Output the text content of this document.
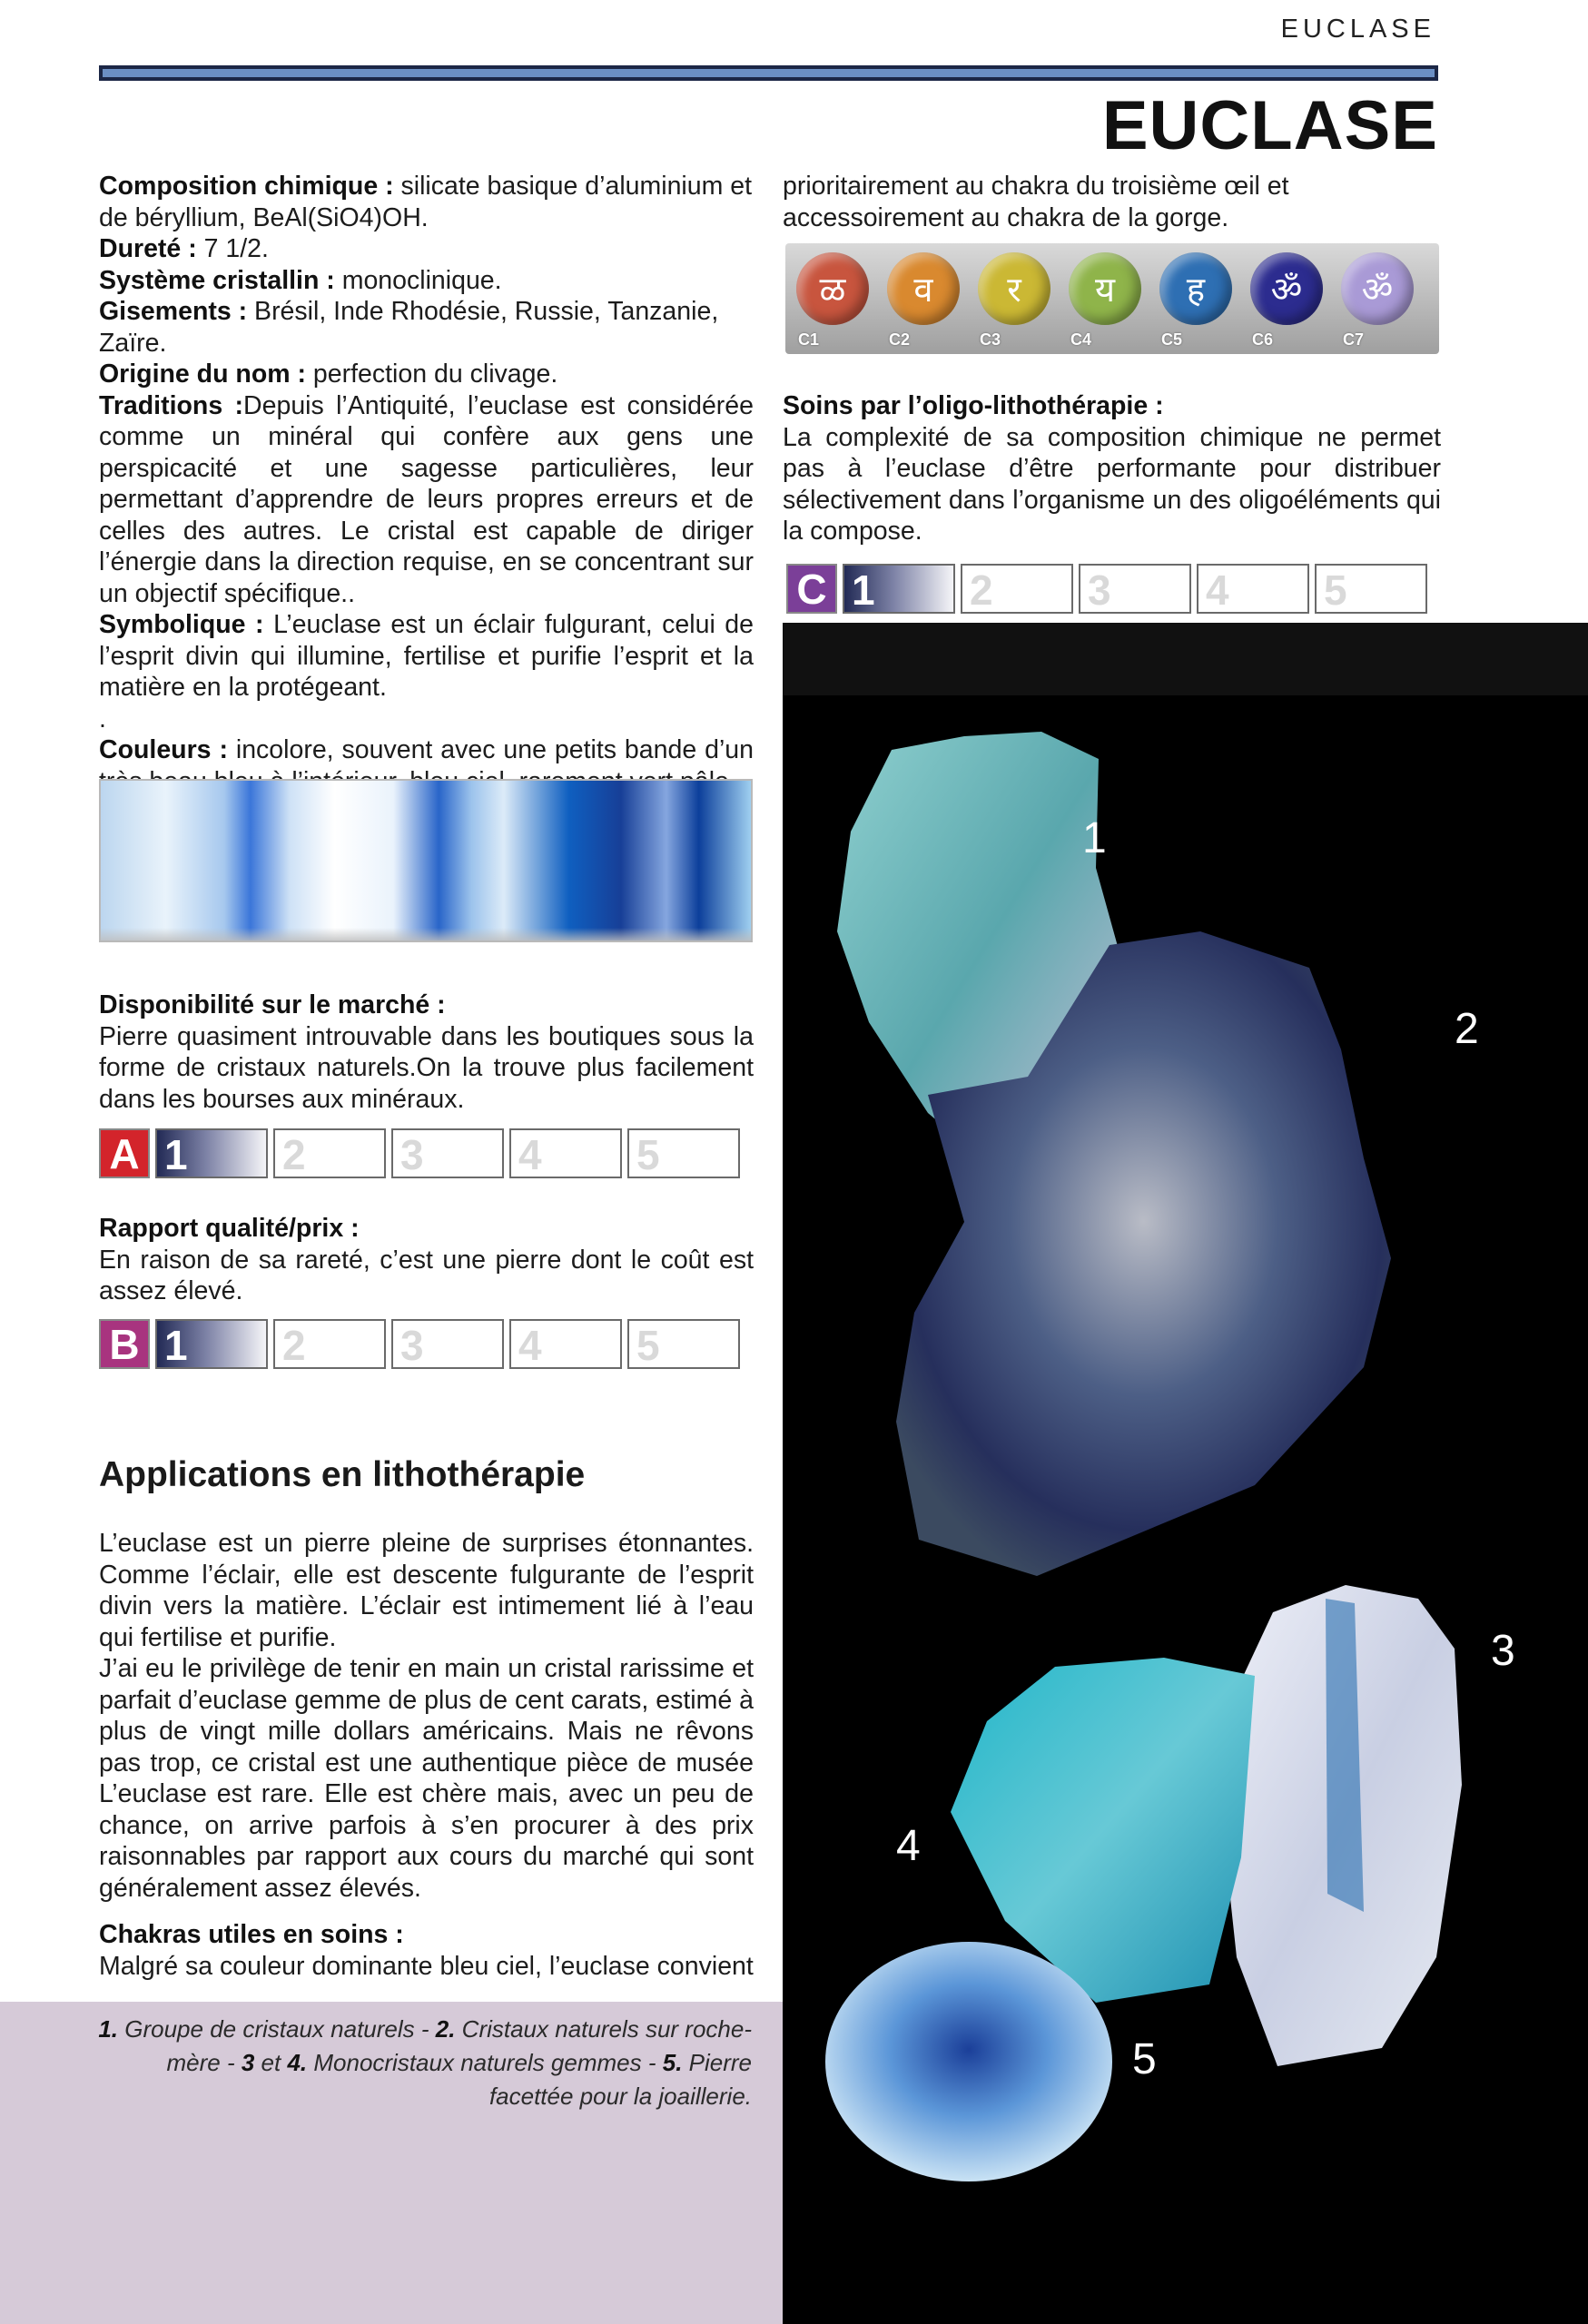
EUCLASE
EUCLASE
Composition chimique : silicate basique d’aluminium et de béryllium, BeAl(SiO4)OH.
Dureté : 7 1/2.
Système cristallin : monoclinique.
Gisements : Brésil, Inde Rhodésie, Russie, Tanzanie, Zaïre.
Origine du nom : perfection du clivage.
Traditions :Depuis l’Antiquité, l’euclase est considérée comme un minéral qui confère aux gens une perspicacité et une sagesse particulières, leur permettant d’apprendre de leurs propres erreurs et de celles des autres. Le cristal est capable de diriger l’énergie dans la direction requise, en se concentrant sur un objectif spécifique..
Symbolique : L’euclase est un éclair fulgurant, celui de l’esprit divin qui illumine, fertilise et purifie l’esprit et la matière en la protégeant.
.
Couleurs : incolore, souvent avec une petits bande d’un
Disponibilité sur le marché :
Pierre quasiment introuvable dans les boutiques sous la forme de cristaux naturels.On la trouve plus facilement dans les bourses aux minéraux.
A 1 2 3 4 5
Rapport qualité/prix :
En raison de sa rareté, c’est une pierre dont le coût est assez élevé.
B 1 2 3 4 5
Applications en lithothérapie
L’euclase est un pierre pleine de surprises étonnantes. Comme l’éclair, elle est descente fulgurante de l’esprit divin vers la matière. L’éclair est intimement lié à l’eau qui fertilise et purifie.
J’ai eu le privilège de tenir en main un cristal rarissime et parfait d’euclase gemme de plus de cent carats, estimé à plus de vingt mille dollars américains. Mais ne rêvons pas trop, ce cristal est une authentique pièce de musée L’euclase est rare. Elle est chère mais, avec un peu de chance, on arrive parfois à s’en procurer à des prix raisonnables par rapport aux cours du marché qui sont généralement assez élevés.
Chakras utiles en soins :
Malgré sa couleur dominante bleu ciel, l’euclase convient
prioritairement au chakra du troisième œil et accessoirement au chakra de la gorge.
ळ
C1
व
C2
र
C3
य
C4
ह
C5
ॐ
C6
ॐ
C7
Soins par l’oligo-lithothérapie :
La complexité de sa composition chimique ne permet pas à l’euclase d’être performante pour distribuer sélectivement dans l’organisme un des oligoéléments qui la compose.
C 1 2 3 4 5
1
2
3
4
5
1. Groupe de cristaux naturels - 2. Cristaux naturels sur roche-mère - 3 et 4. Monocristaux naturels gemmes - 5. Pierre facettée pour la joaillerie.
